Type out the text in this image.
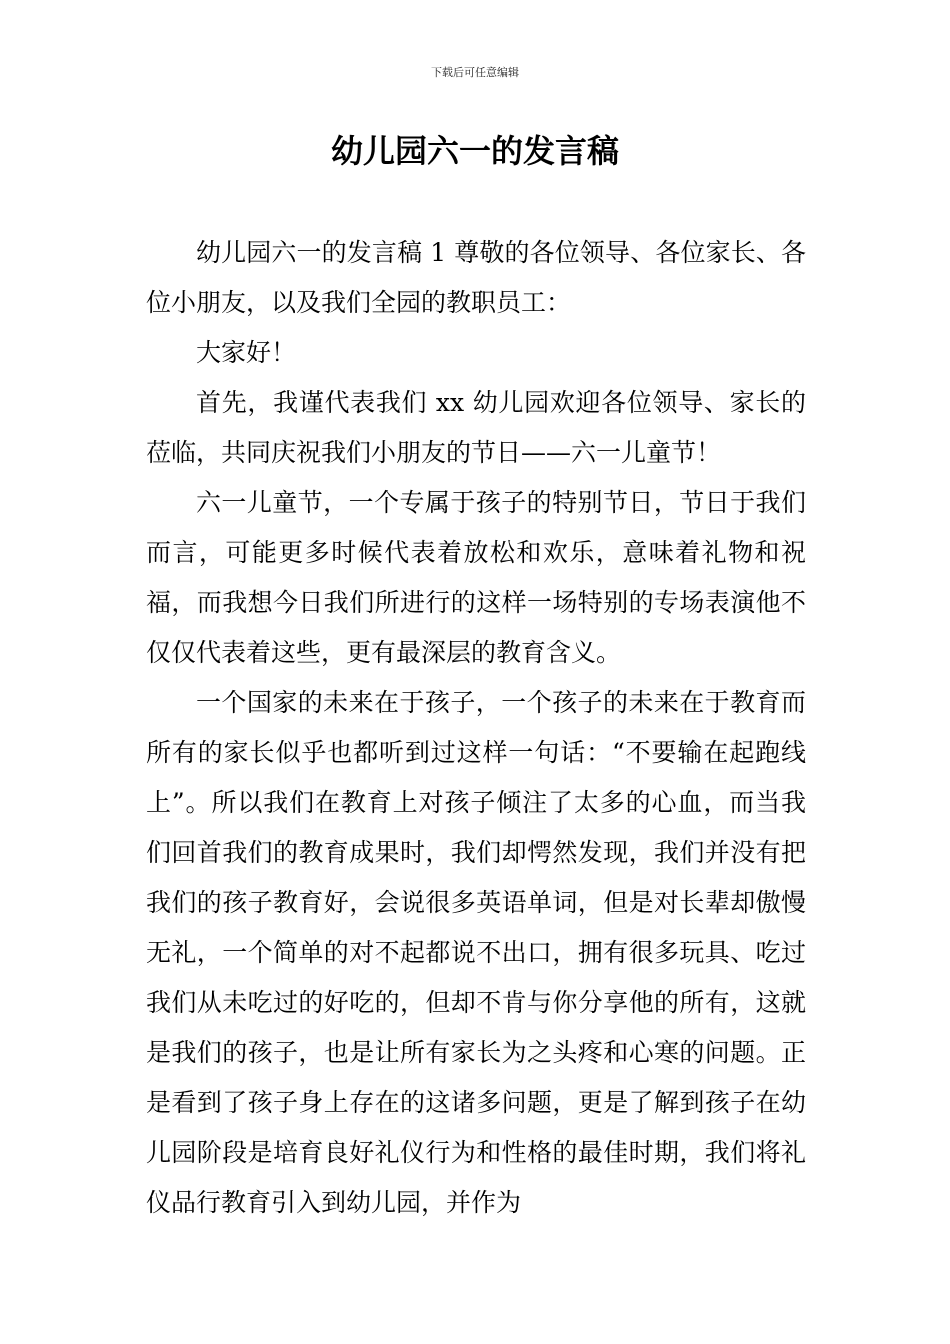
下载后可任意编辑
幼儿园六一的发言稿

幼儿园六一的发言稿 1 尊敬的各位领导、各位家长、各位小朋友，以及我们全园的教职员工：

大家好！

首先，我谨代表我们 xx 幼儿园欢迎各位领导、家长的莅临，共同庆祝我们小朋友的节日——六一儿童节！

六一儿童节，一个专属于孩子的特别节日，节日于我们而言，可能更多时候代表着放松和欢乐，意味着礼物和祝福，而我想今日我们所进行的这样一场特别的专场表演他不仅仅代表着这些，更有最深层的教育含义。

一个国家的未来在于孩子，一个孩子的未来在于教育而所有的家长似乎也都听到过这样一句话：“不要输在起跑线上”。所以我们在教育上对孩子倾注了太多的心血，而当我们回首我们的教育成果时，我们却愕然发现，我们并没有把我们的孩子教育好，会说很多英语单词，但是对长辈却傲慢无礼，一个简单的对不起都说不出口，拥有很多玩具、吃过我们从未吃过的好吃的，但却不肯与你分享他的所有，这就是我们的孩子，也是让所有家长为之头疼和心寒的问题。正是看到了孩子身上存在的这诸多问题，更是了解到孩子在幼儿园阶段是培育良好礼仪行为和性格的最佳时期，我们将礼仪品行教育引入到幼儿园，并作为
